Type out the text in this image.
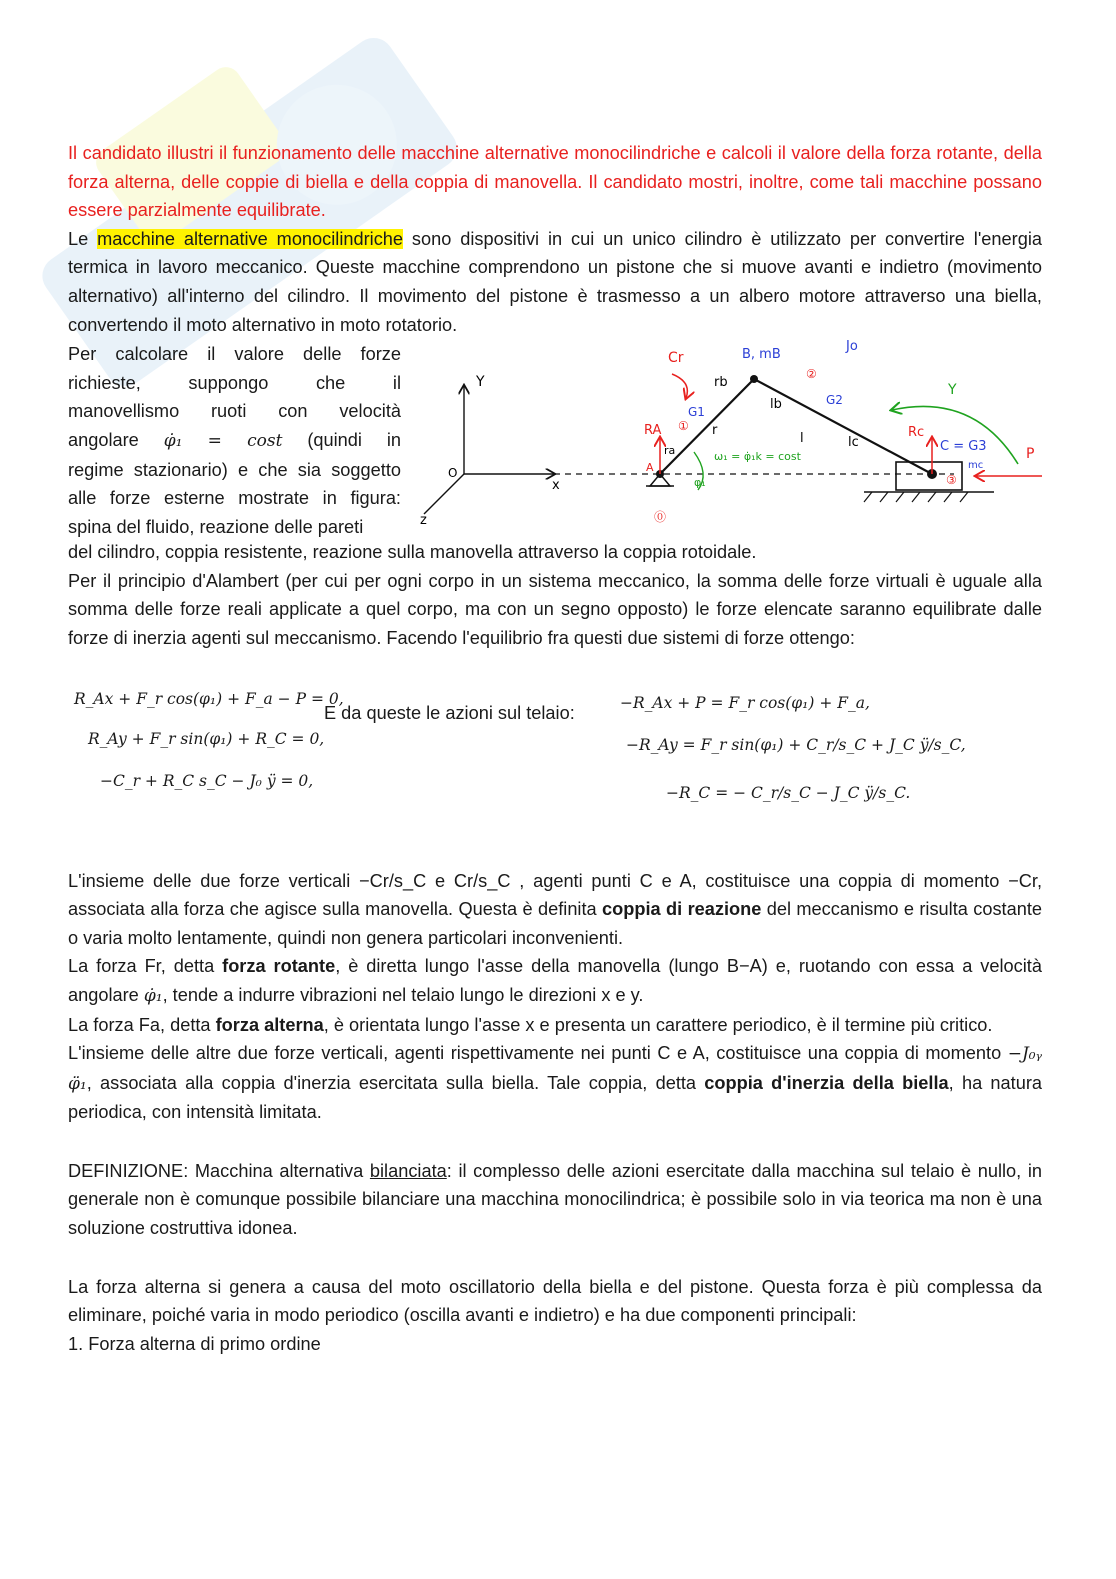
Il candidato illustri il funzionamento delle macchine alternative monocilindriche e calcoli il valore della forza rotante, della forza alterna, delle coppie di biella e della coppia di manovella. Il candidato mostri, inoltre, come tali macchine possano essere parzialmente equilibrate.

Le macchine alternative monocilindriche sono dispositivi in cui un unico cilindro è utilizzato per convertire l'energia termica in lavoro meccanico. Queste macchine comprendono un pistone che si muove avanti e indietro (movimento alternativo) all'interno del cilindro. Il movimento del pistone è trasmesso a un albero motore attraverso una biella, convertendo il moto alternativo in moto rotatorio.

Per calcolare il valore delle forze

richieste, suppongo che il

manovellismo ruoti con velocità

angolare φ̇₁ = cost (quindi in

regime stazionario) e che sia soggetto

alle forze esterne mostrate in figura:

spina del fluido, reazione delle pareti

Y
O
x
z
Cr
RA ①
A
⓪
②
Rc
③
P
B, mB
Jo
G1
G2
C = G3
mc
rb
lb
r
ra
l	lc
Y
ω₁ = φ̇₁k = cost
φ₁

del cilindro, coppia resistente, reazione sulla manovella attraverso la coppia rotoidale.

Per il principio d'Alambert (per cui per ogni corpo in un sistema meccanico, la somma delle forze virtuali è uguale alla somma delle forze reali applicate a quel corpo, ma con un segno opposto) le forze elencate saranno equilibrate dalle forze di inerzia agenti sul meccanismo. Facendo l'equilibrio fra questi due sistemi di forze ottengo:

R_Ax + F_r cos(φ₁) + F_a − P = 0,
R_Ay + F_r sin(φ₁) + R_C = 0,
−C_r + R_C s_C − J₀ ÿ = 0,
E da queste le azioni sul telaio:	−R_Ax + P = F_r cos(φ₁) + F_a,
−R_Ay = F_r sin(φ₁) + C_r/s_C + J_C ÿ/s_C,
−R_C = − C_r/s_C − J_C ÿ/s_C.

L'insieme delle due forze verticali −Cr/s_C e Cr/s_C , agenti punti C e A, costituisce una coppia di momento −Cr, associata alla forza che agisce sulla manovella. Questa è definita coppia di reazione del meccanismo e risulta costante o varia molto lentamente, quindi non genera particolari inconvenienti.

La forza Fr, detta forza rotante, è diretta lungo l'asse della manovella (lungo B−A) e, ruotando con essa a velocità angolare φ̇₁, tende a indurre vibrazioni nel telaio lungo le direzioni x e y.

La forza Fa, detta forza alterna, è orientata lungo l'asse x e presenta un carattere periodico, è il termine più critico.

L'insieme delle altre due forze verticali, agenti rispettivamente nei punti C e A, costituisce una coppia di momento −J₀ᵧ φ̈₁, associata alla coppia d'inerzia esercitata sulla biella. Tale coppia, detta coppia d'inerzia della biella, ha natura periodica, con intensità limitata.

DEFINIZIONE: Macchina alternativa bilanciata: il complesso delle azioni esercitate dalla macchina sul telaio è nullo, in generale non è comunque possibile bilanciare una macchina monocilindrica; è possibile solo in via teorica ma non è una soluzione costruttiva idonea.

La forza alterna si genera a causa del moto oscillatorio della biella e del pistone. Questa forza è più complessa da eliminare, poiché varia in modo periodico (oscilla avanti e indietro) e ha due componenti principali:

1. Forza alterna di primo ordine
